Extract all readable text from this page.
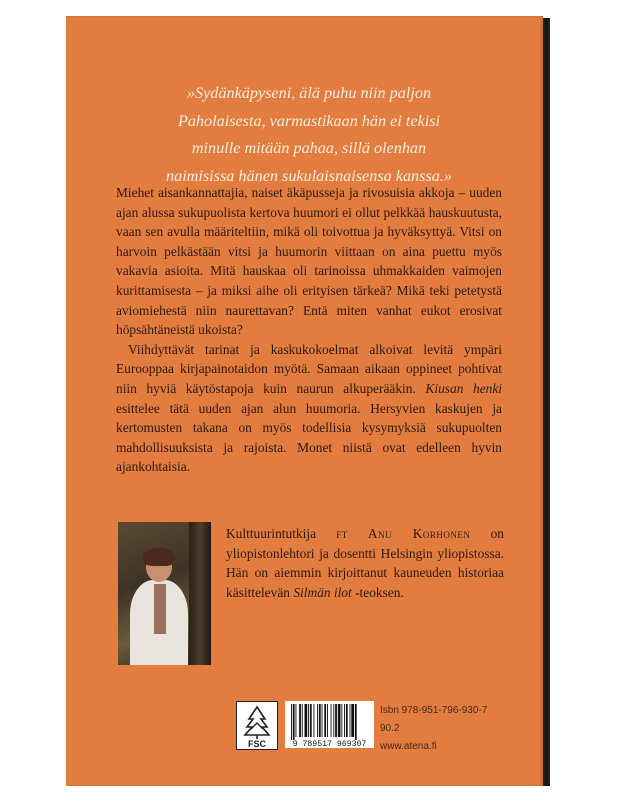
»Sydänkäpyseni, älä puhu niin paljon
Paholaisesta, varmastikaan hän ei tekisi
minulle mitään pahaa, sillä olenhan
naimisissa hänen sukulaisnaisensa kanssa.»
Miehet aisankannattajia, naiset äkäpusseja ja rivosuisia akkoja – uuden ajan alussa sukupuolista kertova huumori ei ollut pelkkää hauskuutusta, vaan sen avulla määriteltiin, mikä oli toivottua ja hyväksyttyä. Vitsi on harvoin pelkästään vitsi ja huumorin viittaan on aina puettu myös vakavia asioita. Mitä hauskaa oli tarinoissa uhmakkaiden vaimojen kurittamisesta – ja miksi aihe oli erityisen tärkeä? Mikä teki petetystä aviomiehestä niin naurettavan? Entä miten vanhat eukot erosivat höpsähtäneistä ukoista?
Viihdyttävät tarinat ja kaskukokoelmat alkoivat levitä ympäri Eurooppaa kirjapainotaidon myötä. Samaan aikaan oppineet pohtivat niin hyviä käytöstapoja kuin naurun alkuperääkin. Kiusan henki esittelee tätä uuden ajan alun huumoria. Hersyvien kaskujen ja kertomusten takana on myös todellisia kysymyksiä sukupuolten mahdollisuuksista ja rajoista. Monet niistä ovat edelleen hyvin ajankohtaisia.
Kulttuurintutkija ft Anu Korhonen on yliopistonlehtori ja dosentti Helsingin yliopistossa. Hän on aiemmin kirjoittanut kauneuden historiaa käsittelevän Silmän ilot -teoksen.
FSC	9 789517 969307
Isbn 978-951-796-930-7
90.2
www.atena.fi
